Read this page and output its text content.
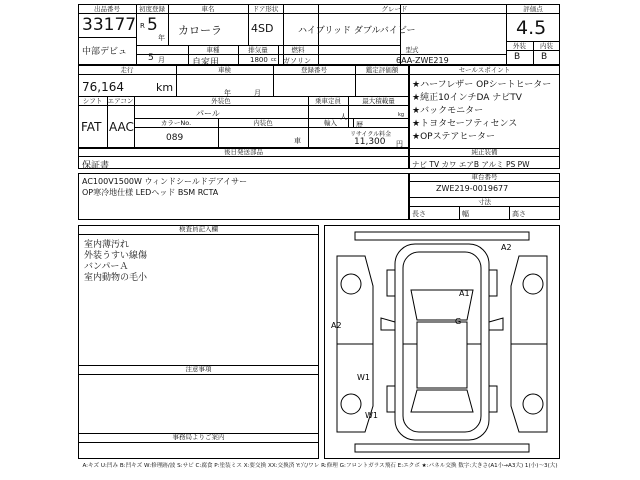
出品番号
33177
中部デビュ
初度登録
R 5
年
5 月
車名
カローラ
ドア形状
4SD
グレード
ハイブリッド ダブルバイビー
評価点
4.5
外装	内装
B B
車種
自家用
排気量
1800 cc
燃料
ガソリン
型式
6AA-ZWE219
走行
76,164	km
車検
年	月
登録番号	鑑定評価額
シフト エアコン
FAT AAC
外装色
パール
乗車定員
人
最大積載量
kg
カラーNo.
089
内装色
車
輸入	歴
リサイクル料金
11,300 円
セールスポイント
★ハーフレザー OPシートヒーター
★純正10インチDA ナビTV
★バックモニター
★トヨタセーフティセンス
★OPステアヒーター
後日発送部品
保証書
純正装備
ナビ TV カワ エアB アルミ PS PW
AC100V1500W ウィンドシールドデアイサー
OP寒冷地仕様 LEDヘッド BSM RCTA
車台番号
ZWE219-0019677
寸法
長さ	幅	高さ
検査員記入欄
室内薄汚れ
外装うすい線傷
バンパーＡ
室内動物の毛小
注意事項
事務局よりご案内
A2
A1
G
A2
W1
W1
A:キズ U:凹み B:凹キズ W:修理跡/波 S:サビ C:腐食 P:塗装ミス X:要交換 XX:交換済 Y:穴/ワレ R:修理 G:フロントガラス飛石 E:エクボ ★:パネル交換 数字:大きさ(A1小→A3大) 1(小)～3(大)
